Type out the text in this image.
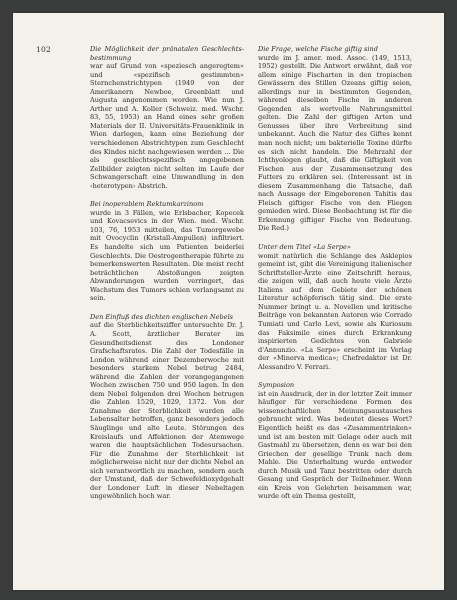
102	Die Möglichkeit der pränatalen Geschlechts-bestimmung

war auf Grund von «speziesch angeregtem» und «spezifisch gestimmten» Sternchenstrichtypen (1949 von der Amerikanern Newboe, Greenblatt und Augusta angenommen worden. Wie nun J. Arther und A. Koller (Schweiz. med. Wschr. 83, 55, 1953) an Hand eines sehr großen Materials der II. Universitäts-Frauenklinik in Wien darlegen, kann eine Beziehung der verschiedenen Abstrichtypen zum Geschlecht des Kindes nicht nachgewiesen werden ... Die als geschlechtsspezifisch angegebenen Zellbilder zeigten nicht selten im Laufe der Schwangerschaft eine Umwandlung in den ‹heterotypen› Abstrich.

Bei inoperablem Rektumkarzinom

wurde in 3 Fällen, wie Erlsbacher, Kopecek und Kovacsevics in der Wien. med. Wschr. 103, 76, 1953 mitteilen, das Tumorgewebe mit Ovocyclin (Kristall-Ampullen) infiltriert. Es handelte sich um Patienten beiderlei Geschlechts. Die Oestrogentherapie führte zu bemerkenswerten Resultaten. Die meist recht beträchtlichen Abstoßungen zeigten Abwanderungen wurden verringert, das Wachstum des Tumors schien verlangsamt zu sein.

Den Einfluß des dichten englischen Nebels

auf die Sterblichkeitsziffer untersuchte Dr. J. A. Scott, ärztlicher Berater im Gesundheitsdienst des Londoner Grafschaftsrates. Die Zahl der Todesfälle in London während einer Dezemberwoche mit besonders starkem Nebel betrug 2484, während die Zahlen der vorangegangenen Wochen zwischen 750 und 950 lagen. In den dem Nebel folgenden drei Wochen betrugen die Zahlen 1529, 1029, 1372. Von der Zunahme der Sterblichkeit wurden alle Lebensalter betroffen, ganz besonders jedoch Säuglinge und alte Leute. Störungen des Kreislaufs und Affektionen der Atemwege waren die hauptsächlichen Todesursachen. Für die Zunahme der Sterblichkeit ist möglicherweise nicht nur der dichte Nebel an sich verantwortlich zu machen, sondern auch der Umstand, daß der Schwefeldioxydgehalt der Londoner Luft in dieser Nebeltagen ungewöhnlich hoch war.

Die Frage, welche Fische giftig sind

wurde im J. amer. med. Assoc. (149, 1513, 1952) gestellt. Die Antwort erwähnt, daß vor allem einige Fischarten in den tropischen Gewässern des Stillen Ozeans giftig seien, allerdings nur in bestimmten Gegenden, während dieselben Fische in anderen Gegenden als wertvolle Nahrungsmittel gelten. Die Zahl der giftigen Arten und Genusses über ihre Verbreitung sind unbekannt. Auch die Natur des Giftes kennt man noch nicht; um bakterielle Toxine dürfte es sich nicht handeln. Die Mehrzahl der Ichthyologen glaubt, daß die Giftigkeit von Fischen aus der Zusammensetzung des Futters zu erklären sei. (Interessant ist in diesem Zusammenhang die Tatsache, daß nach Aussage der Eingeborenen Tahitis das Fleisch giftiger Fische von den Fliegen gemieden wird. Diese Beobachtung ist für die Erkennung giftiger Fische von Bedeutung. Die Red.)

Unter dem Titel «La Serpe»

womit natürlich die Schlange des Asklepios gemeint ist, gibt die Vereinigung italienischer Schriftsteller-Ärzte eine Zeitschrift heraus, die zeigen will, daß auch heute viele Ärzte Italiens auf dem Gebiete der schönen Literatur schöpferisch tätig sind. Die erste Nummer bringt u. a. Novellen und kritische Beiträge von bekannten Autoren wie Corrado Tumiati und Carlo Levi, sowie als Kuriosum das Faksimile eines durch Erkrankung inspirierten Gedichtes von Gabriele d'Annunzio. «La Serpe» erscheint im Verlag der «Minerva medica»; Chefredaktor ist Dr. Alessandro V. Ferrari.

Symposion

ist ein Ausdruck, der in der letzter Zeit immer häufiger für verschiedene Formen des wissenschaftlichen Meinungsaustausches gebraucht wird. Was bedeutet dieses Wort? Eigentlich heißt es das «Zusammentrinken» und ist am besten mit Gelage oder auch mit Gastmahl zu übersetzen, denn es war bei den Griechen der gesellige Trunk nach dem Mahle. Die Unterhaltung wurde entweder durch Musik und Tanz bestritten oder durch Gesang und Gespräch der Teilnehmer. Wenn ein Kreis von Gelehrten beisammen war, wurde oft ein Thema gestellt,
